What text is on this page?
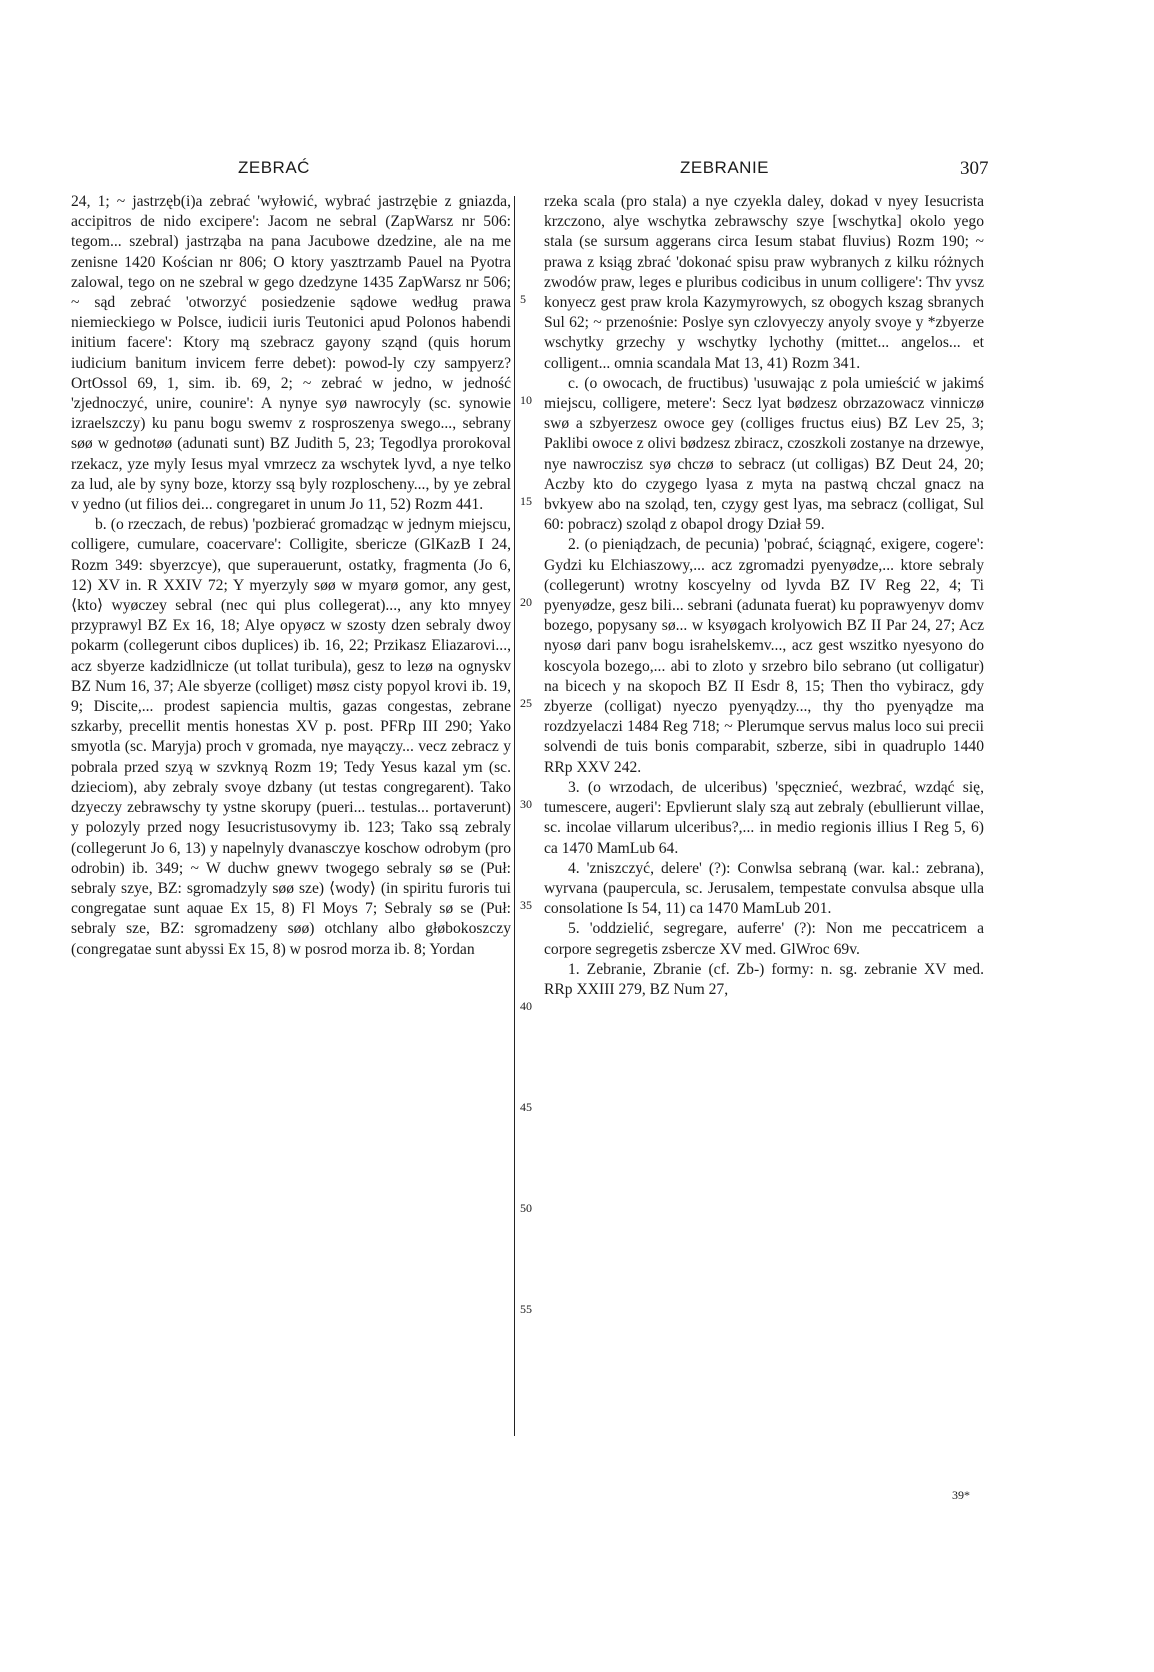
ZEBRAĆ	ZEBRANIE	307

24, 1; ~ jastrzęb(i)a zebrać 'wyłowić, wybrać jastrzębie z gniazda, accipitros de nido excipere': Jacom ne sebral (ZapWarsz nr 506: tegom... szebral) jastrząba na pana Jacubowe dzedzine, ale na me zenisne 1420 Kościan nr 806; O ktory yasztrzamb Pauel na Pyotra zalowal, tego on ne szebral w gego dzedzyne 1435 ZapWarsz nr 506; ~ sąd zebrać 'otworzyć posiedzenie sądowe według prawa niemieckiego w Polsce, iudicii iuris Teutonici apud Polonos habendi initium facere': Ktory mą szebracz gayony sząnd (quis horum iudicium banitum invicem ferre debet): powod-ly czy sampyerz? OrtOssol 69, 1, sim. ib. 69, 2; ~ zebrać w jedno, w jedność 'zjednoczyć, unire, counire': A nynye syø nawrocyly (sc. synowie izraelszczy) ku panu bogu swemv z rosproszenya swego..., sebrany søø w gednotøø (adunati sunt) BZ Judith 5, 23; Tegodlya prorokoval rzekacz, yze myly Iesus myal vmrzecz za wschytek lyvd, a nye telko za lud, ale by syny boze, ktorzy ssą byly rozploscheny..., by ye zebral v yedno (ut filios dei... congregaret in unum Jo 11, 52) Rozm 441.

b. (o rzeczach, de rebus) 'pozbierać gromadząc w jednym miejscu, colligere, cumulare, coacervare': Colligite, sbericze (GlKazB I 24, Rozm 349: sbyerzcye), que superauerunt, ostatky, fragmenta (Jo 6, 12) XV in. R XXIV 72; Y myerzyly søø w myarø gomor, any gest, ⟨kto⟩ wyøczey sebral (nec qui plus collegerat)..., any kto mnyey przyprawyl BZ Ex 16, 18; Alye opyøcz w szosty dzen sebraly dwoy pokarm (collegerunt cibos duplices) ib. 16, 22; Przikasz Eliazarovi..., acz sbyerze kadzidlnicze (ut tollat turibula), gesz to lezø na ognyskv BZ Num 16, 37; Ale sbyerze (colliget) møsz cisty popyol krovi ib. 19, 9; Discite,... prodest sapiencia multis, gazas congestas, zebrane szkarby, precellit mentis honestas XV p. post. PFRp III 290; Yako smyotla (sc. Maryja) proch v gromada, nye mayączy... vecz zebracz y pobrala przed szyą w szvknyą Rozm 19; Tedy Yesus kazal ym (sc. dzieciom), aby zebraly svoye dzbany (ut testas congregarent). Tako dzyeczy zebrawschy ty ystne skorupy (pueri... testulas... portaverunt) y polozyly przed nogy Iesucristusovymy ib. 123; Tako ssą zebraly (collegerunt Jo 6, 13) y napelnyly dvanasczye koschow odrobym (pro odrobin) ib. 349; ~ W duchw gnewv twogego sebraly sø se (Puł: sebraly szye, BZ: sgromadzyly søø sze) ⟨wody⟩ (in spiritu furoris tui congregatae sunt aquae Ex 15, 8) Fl Moys 7; Sebraly sø se (Puł: sebraly sze, BZ: sgromadzeny søø) otchlany albo głøbokoszczy (congregatae sunt abyssi Ex 15, 8) w posrod morza ib. 8; Yordan

5
10
15
20
25
30
35
40
45
50
55

rzeka scala (pro stala) a nye czyekla daley, dokad v nyey Iesucrista krzczono, alye wschytka zebrawschy szye [wschytka] okolo yego stala (se sursum aggerans circa Iesum stabat fluvius) Rozm 190; ~ prawa z ksiąg zbrać 'dokonać spisu praw wybranych z kilku różnych zwodów praw, leges e pluribus codicibus in unum colligere': Thv yvsz konyecz gest praw krola Kazymyrowych, sz obogych kszag sbranych Sul 62; ~ przenośnie: Poslye syn czlovyeczy anyoly svoye y *zbyerze wschytky grzechy y wschytky lychothy (mittet... angelos... et colligent... omnia scandala Mat 13, 41) Rozm 341.

c. (o owocach, de fructibus) 'usuwając z pola umieścić w jakimś miejscu, colligere, metere': Secz lyat bødzesz obrzazowacz vinniczø swø a szbyerzesz owoce gey (colliges fructus eius) BZ Lev 25, 3; Paklibi owoce z olivi bødzesz zbiracz, czoszkoli zostanye na drzewye, nye nawroczisz syø chczø to sebracz (ut colligas) BZ Deut 24, 20; Aczby kto do czygego lyasa z myta na pastwą chczal gnacz na bvkyew abo na szoląd, ten, czygy gest lyas, ma sebracz (colligat, Sul 60: pobracz) szoląd z obapol drogy Dział 59.

2. (o pieniądzach, de pecunia) 'pobrać, ściągnąć, exigere, cogere': Gydzi ku Elchiaszowy,... acz zgromadzi pyenyødze,... ktore sebraly (collegerunt) wrotny koscyelny od lyvda BZ IV Reg 22, 4; Ti pyenyødze, gesz bili... sebrani (adunata fuerat) ku poprawyenyv domv bozego, popysany sø... w ksyøgach krolyowich BZ II Par 24, 27; Acz nyosø dari panv bogu israhelskemv..., acz gest wszitko nyesyono do koscyola bozego,... abi to zloto y srzebro bilo sebrano (ut colligatur) na bicech y na skopoch BZ II Esdr 8, 15; Then tho vybiracz, gdy zbyerze (colligat) nyeczo pyenyądzy..., thy tho pyenyądze ma rozdzyelaczi 1484 Reg 718; ~ Plerumque servus malus loco sui precii solvendi de tuis bonis comparabit, szberze, sibi in quadruplo 1440 RRp XXV 242.

3. (o wrzodach, de ulceribus) 'spęcznieć, wezbrać, wzdąć się, tumescere, augeri': Epvlierunt slaly szą aut zebraly (ebullierunt villae, sc. incolae villarum ulceribus?,... in medio regionis illius I Reg 5, 6) ca 1470 MamLub 64.

4. 'zniszczyć, delere' (?): Conwlsa sebraną (war. kal.: zebrana), wyrvana (paupercula, sc. Jerusalem, tempestate convulsa absque ulla consolatione Is 54, 11) ca 1470 MamLub 201.

5. 'oddzielić, segregare, auferre' (?): Non me peccatricem a corpore segregetis zsbercze XV med. GlWroc 69v.

1. Zebranie, Zbranie (cf. Zb-) formy: n. sg. zebranie XV med. RRp XXIII 279, BZ Num 27,

39*
